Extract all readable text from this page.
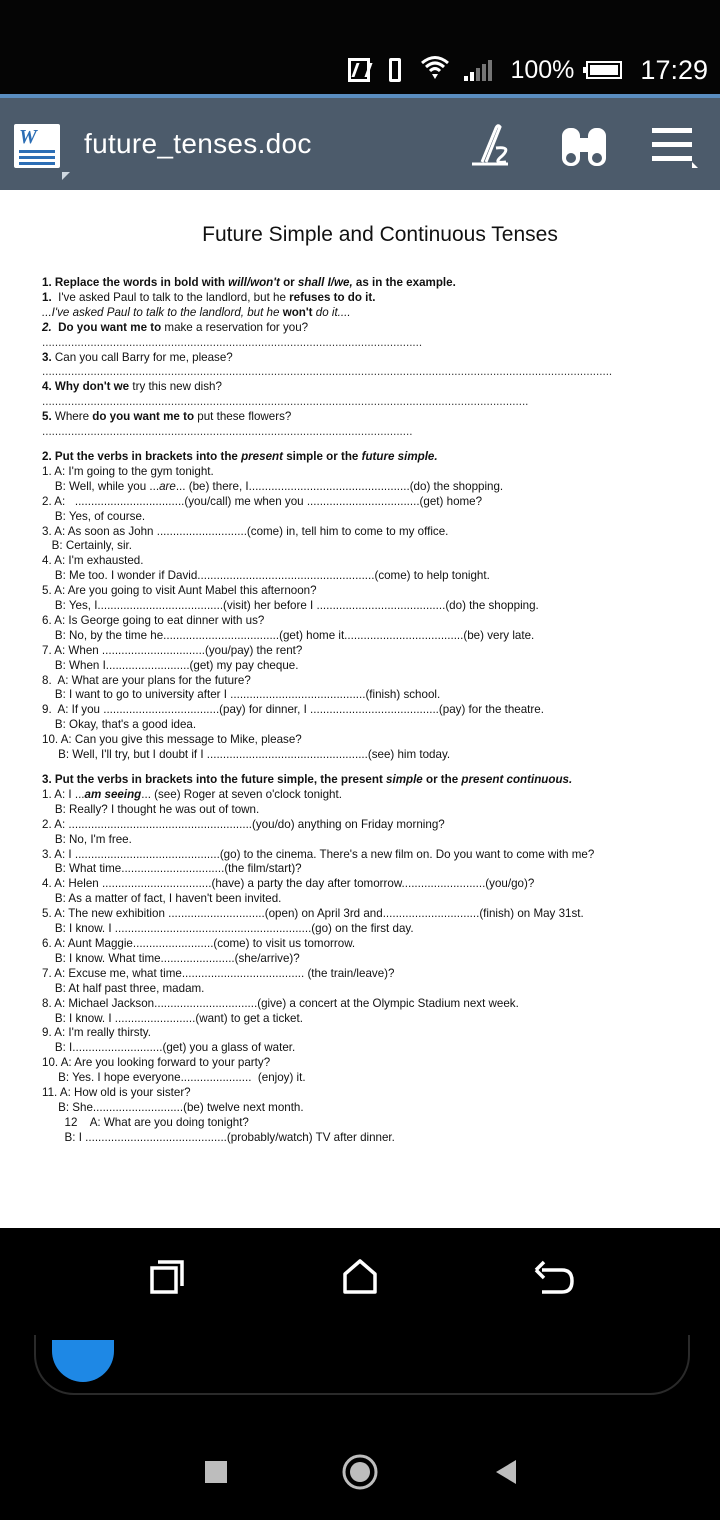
100% 17:29
W future_tenses.doc
Future Simple and Continuous Tenses
1. Replace the words in bold with will/won't or shall I/we, as in the example.
1.  I've asked Paul to talk to the landlord, but he refuses to do it.
...I've asked Paul to talk to the landlord, but he won't do it....
2. Do you want me to make a reservation for you?
......................................................................................................................
3. Can you call Barry for me, please?
.................................................................................................................................................................................
4. Why don't we try this new dish?
.......................................................................................................................................................
5. Where do you want me to put these flowers?
...................................................................................................................
2. Put the verbs in brackets into the present simple or the future simple.
1. A: I'm going to the gym tonight.
B: Well, while you ...are... (be) there, I..................................................(do) the shopping.
2. A:   ..................................(you/call) me when you ...................................(get) home?
B: Yes, of course.
3. A: As soon as John ............................(come) in, tell him to come to my office.
B: Certainly, sir.
4. A: I'm exhausted.
B: Me too. I wonder if David.......................................................(come) to help tonight.
5. A: Are you going to visit Aunt Mabel this afternoon?
B: Yes, I.......................................(visit) her before I ........................................(do) the shopping.
6. A: Is George going to eat dinner with us?
B: No, by the time he....................................(get) home it.....................................(be) very late.
7. A: When ................................(you/pay) the rent?
B: When I..........................(get) my pay cheque.
8.  A: What are your plans for the future?
B: I want to go to university after I ..........................................(finish) school.
9.  A: If you ....................................(pay) for dinner, I ........................................(pay) for the theatre.
B: Okay, that's a good idea.
10. A: Can you give this message to Mike, please?
B: Well, I'll try, but I doubt if I ..................................................(see) him today.
3. Put the verbs in brackets into the future simple, the present simple or the present continuous.
1. A: I ...am seeing... (see) Roger at seven o'clock tonight.
B: Really? I thought he was out of town.
2. A: .........................................................(you/do) anything on Friday morning?
B: No, I'm free.
3. A: I .............................................(go) to the cinema. There's a new film on. Do you want to come with me?
B: What time................................(the film/start)?
4. A: Helen ..................................(have) a party the day after tomorrow..........................(you/go)?
B: As a matter of fact, I haven't been invited.
5. A: The new exhibition ..............................(open) on April 3rd and..............................(finish) on May 31st.
B: I know. I .............................................................(go) on the first day.
6. A: Aunt Maggie.........................(come) to visit us tomorrow.
B: I know. What time.......................(she/arrive)?
7. A: Excuse me, what time...................................... (the train/leave)?
B: At half past three, madam.
8. A: Michael Jackson................................(give) a concert at the Olympic Stadium next week.
B: I know. I .........................(want) to get a ticket.
9. A: I'm really thirsty.
B: I............................(get) you a glass of water.
10. A: Are you looking forward to your party?
B: Yes. I hope everyone......................  (enjoy) it.
11. A: How old is your sister?
B: She............................(be) twelve next month.
12    A: What are you doing tonight?
B: I ............................................(probably/watch) TV after dinner.
